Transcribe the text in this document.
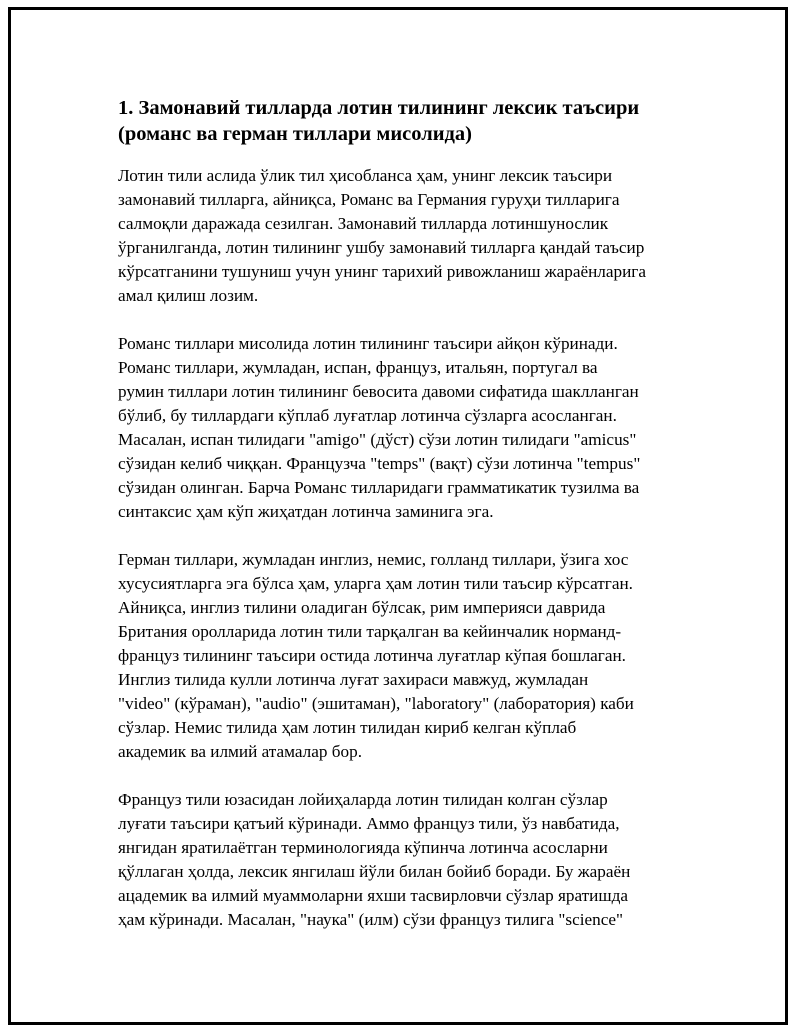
1. Замонавий тилларда лотин тилининг лексик таъсири
(романс ва герман тиллари мисолида)
Лотин тили аслида ўлик тил ҳисобланса ҳам, унинг лексик таъсири
замонавий тилларга, айниқса, Романс ва Германия гуруҳи тилларига
салмоқли даражада сезилган. Замонавий тилларда лотиншунослик
ўрганилганда, лотин тилининг ушбу замонавий тилларга қандай таъсир
кўрсатганини тушуниш учун унинг тарихий ривожланиш жараёнларига
амал қилиш лозим.
Романс тиллари мисолида лотин тилининг таъсири айқон кўринади.
Романс тиллари, жумладан, испан, француз, итальян, португал ва
румин тиллари лотин тилининг бевосита давоми сифатида шаклланган
бўлиб, бу тиллардаги кўплаб луғатлар лотинча сўзларга асосланган.
Масалан, испан тилидаги "amigo" (дўст) сўзи лотин тилидаги "amicus"
сўзидан келиб чиққан. Французча "temps" (вақт) сўзи лотинча "tempus"
сўзидан олинган. Барча Романс тилларидаги грамматикатик тузилма ва
синтаксис ҳам кўп жиҳатдан лотинча заминига эга.
Герман тиллари, жумладан инглиз, немис, голланд тиллари, ўзига хос
хусусиятларга эга бўлса ҳам, уларга ҳам лотин тили таъсир кўрсатган.
Айниқса, инглиз тилини оладиган бўлсак, рим империяси даврида
Британия оролларида лотин тили тарқалган ва кейинчалик норманд-
француз тилининг таъсири остида лотинча луғатлар кўпая бошлаган.
Инглиз тилида кулли лотинча луғат захираси мавжуд, жумладан
"video" (кўраман), "audio" (эшитаман), "laboratory" (лаборатория) каби
сўзлар. Немис тилида ҳам лотин тилидан кириб келган кўплаб
академик ва илмий атамалар бор.
Француз тили юзасидан лойиҳаларда лотин тилидан колган сўзлар
луғати таъсири қатъий кўринади. Аммо француз тили, ўз навбатида,
янгидан яратилаётган терминологияда кўпинча лотинча асосларни
қўллаган ҳолда, лексик янгилаш йўли билан бойиб боради. Бу жараён
ацадемик ва илмий муаммоларни яхши тасвирловчи сўзлар яратишда
ҳам кўринади. Масалан, "наука" (илм) сўзи француз тилига "science"
